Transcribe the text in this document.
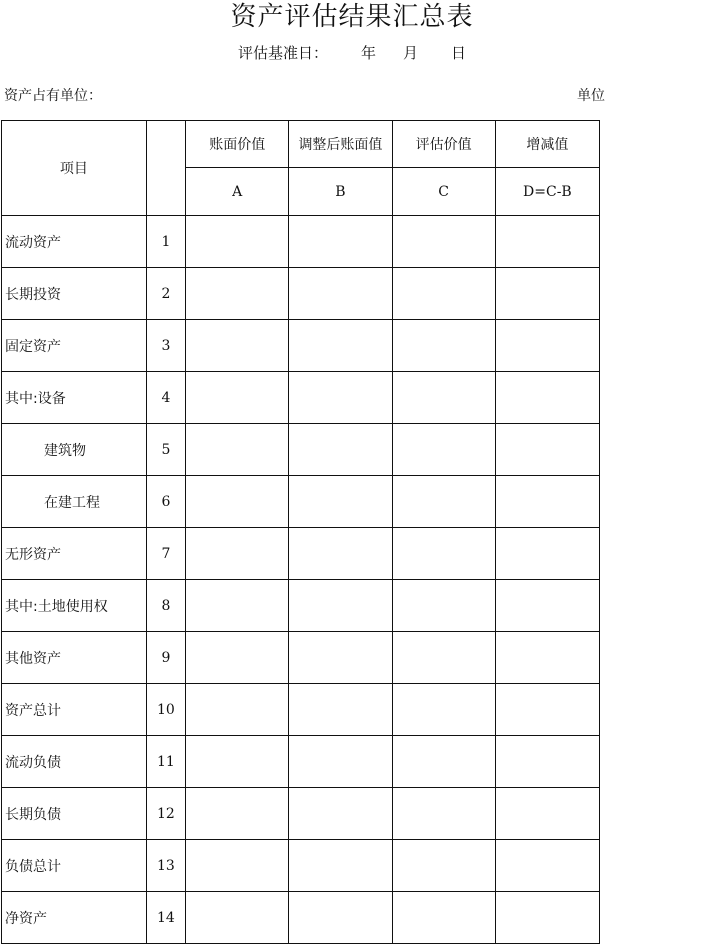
资产评估结果汇总表
评估基准日： 年 月 日
资产占有单位：	单位
项目		账面价值	调整后账面值	评估价值	增减值
		A	B	C	D=C-B
流动资产	1				
长期投资	2				
固定资产	3				
其中:设备	4				
建筑物	5				
在建工程	6				
无形资产	7				
其中:土地使用权	8				
其他资产	9				
资产总计	10				
流动负债	11				
长期负债	12				
负债总计	13				
净资产	14				
